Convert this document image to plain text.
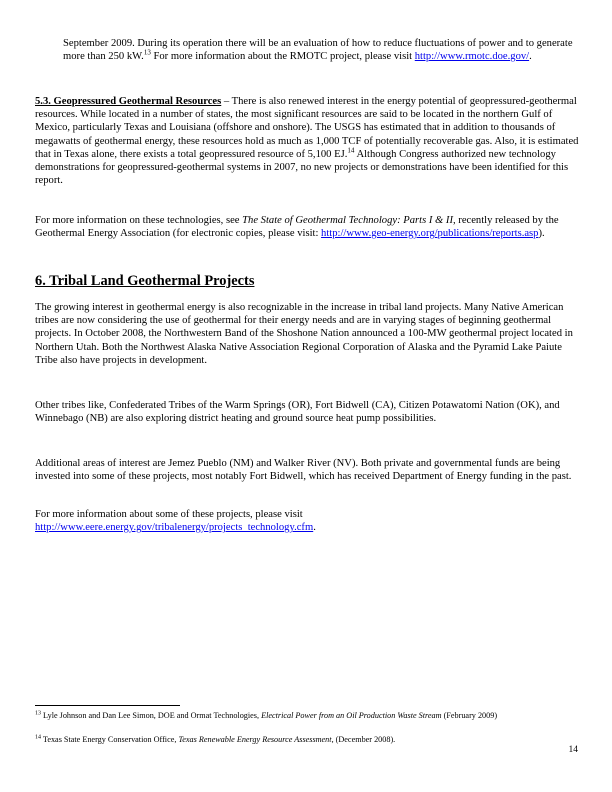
September 2009. During its operation there will be an evaluation of how to reduce fluctuations of power and to generate more than 250 kW.$^{13}$ For more information about the RMOTC project, please visit http://www.rmotc.doe.gov/.

5.3. Geopressured Geothermal Resources – There is also renewed interest in the energy potential of geopressured-geothermal resources. While located in a number of states, the most significant resources are said to be located in the northern Gulf of Mexico, particularly Texas and Louisiana (offshore and onshore). The USGS has estimated that in addition to thousands of megawatts of geothermal energy, these resources hold as much as 1,000 TCF of potentially recoverable gas. Also, it is estimated that in Texas alone, there exists a total geopressured resource of 5,100 EJ.$^{14}$ Although Congress authorized new technology demonstrations for geopressured-geothermal systems in 2007, no new projects or demonstrations have been identified for this report.

For more information on these technologies, see The State of Geothermal Technology: Parts I & II, recently released by the Geothermal Energy Association (for electronic copies, please visit: http://www.geo-energy.org/publications/reports.asp).

6. Tribal Land Geothermal Projects

The growing interest in geothermal energy is also recognizable in the increase in tribal land projects. Many Native American tribes are now considering the use of geothermal for their energy needs and are in varying stages of beginning geothermal projects. In October 2008, the Northwestern Band of the Shoshone Nation announced a 100-MW geothermal project located in Northern Utah. Both the Northwest Alaska Native Association Regional Corporation of Alaska and the Pyramid Lake Paiute Tribe also have projects in development.

Other tribes like, Confederated Tribes of the Warm Springs (OR), Fort Bidwell (CA), Citizen Potawatomi Nation (OK), and Winnebago (NB) are also exploring district heating and ground source heat pump possibilities.

Additional areas of interest are Jemez Pueblo (NM) and Walker River (NV). Both private and governmental funds are being invested into some of these projects, most notably Fort Bidwell, which has received Department of Energy funding in the past.

For more information about some of these projects, please visit http://www.eere.energy.gov/tribalenergy/projects_technology.cfm.

$^{13}$ Lyle Johnson and Dan Lee Simon, DOE and Ormat Technologies, Electrical Power from an Oil Production Waste Stream (February 2009)

$^{14}$ Texas State Energy Conservation Office, Texas Renewable Energy Resource Assessment, (December 2008).

14
